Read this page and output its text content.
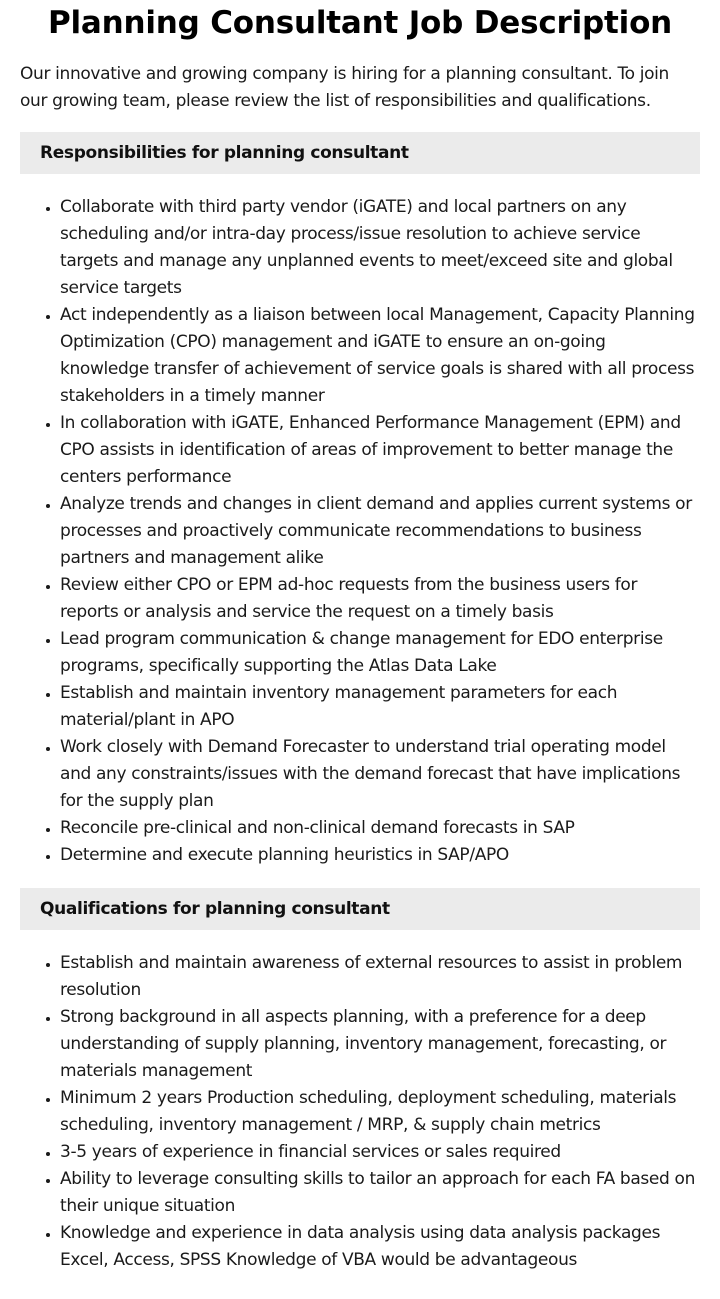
Planning Consultant Job Description

Our innovative and growing company is hiring for a planning consultant. To join our growing team, please review the list of responsibilities and qualifications.

Responsibilities for planning consultant
• Collaborate with third party vendor (iGATE) and local partners on any scheduling and/or intra-day process/issue resolution to achieve service targets and manage any unplanned events to meet/exceed site and global service targets
• Act independently as a liaison between local Management, Capacity Planning Optimization (CPO) management and iGATE to ensure an on-going knowledge transfer of achievement of service goals is shared with all process stakeholders in a timely manner
• In collaboration with iGATE, Enhanced Performance Management (EPM) and CPO assists in identification of areas of improvement to better manage the centers performance
• Analyze trends and changes in client demand and applies current systems or processes and proactively communicate recommendations to business partners and management alike
• Review either CPO or EPM ad-hoc requests from the business users for reports or analysis and service the request on a timely basis
• Lead program communication & change management for EDO enterprise programs, specifically supporting the Atlas Data Lake
• Establish and maintain inventory management parameters for each material/plant in APO
• Work closely with Demand Forecaster to understand trial operating model and any constraints/issues with the demand forecast that have implications for the supply plan
• Reconcile pre-clinical and non-clinical demand forecasts in SAP
• Determine and execute planning heuristics in SAP/APO
Qualifications for planning consultant
• Establish and maintain awareness of external resources to assist in problem resolution
• Strong background in all aspects planning, with a preference for a deep understanding of supply planning, inventory management, forecasting, or materials management
• Minimum 2 years Production scheduling, deployment scheduling, materials scheduling, inventory management / MRP, & supply chain metrics
• 3-5 years of experience in financial services or sales required
• Ability to leverage consulting skills to tailor an approach for each FA based on their unique situation
• Knowledge and experience in data analysis using data analysis packages Excel, Access, SPSS Knowledge of VBA would be advantageous
